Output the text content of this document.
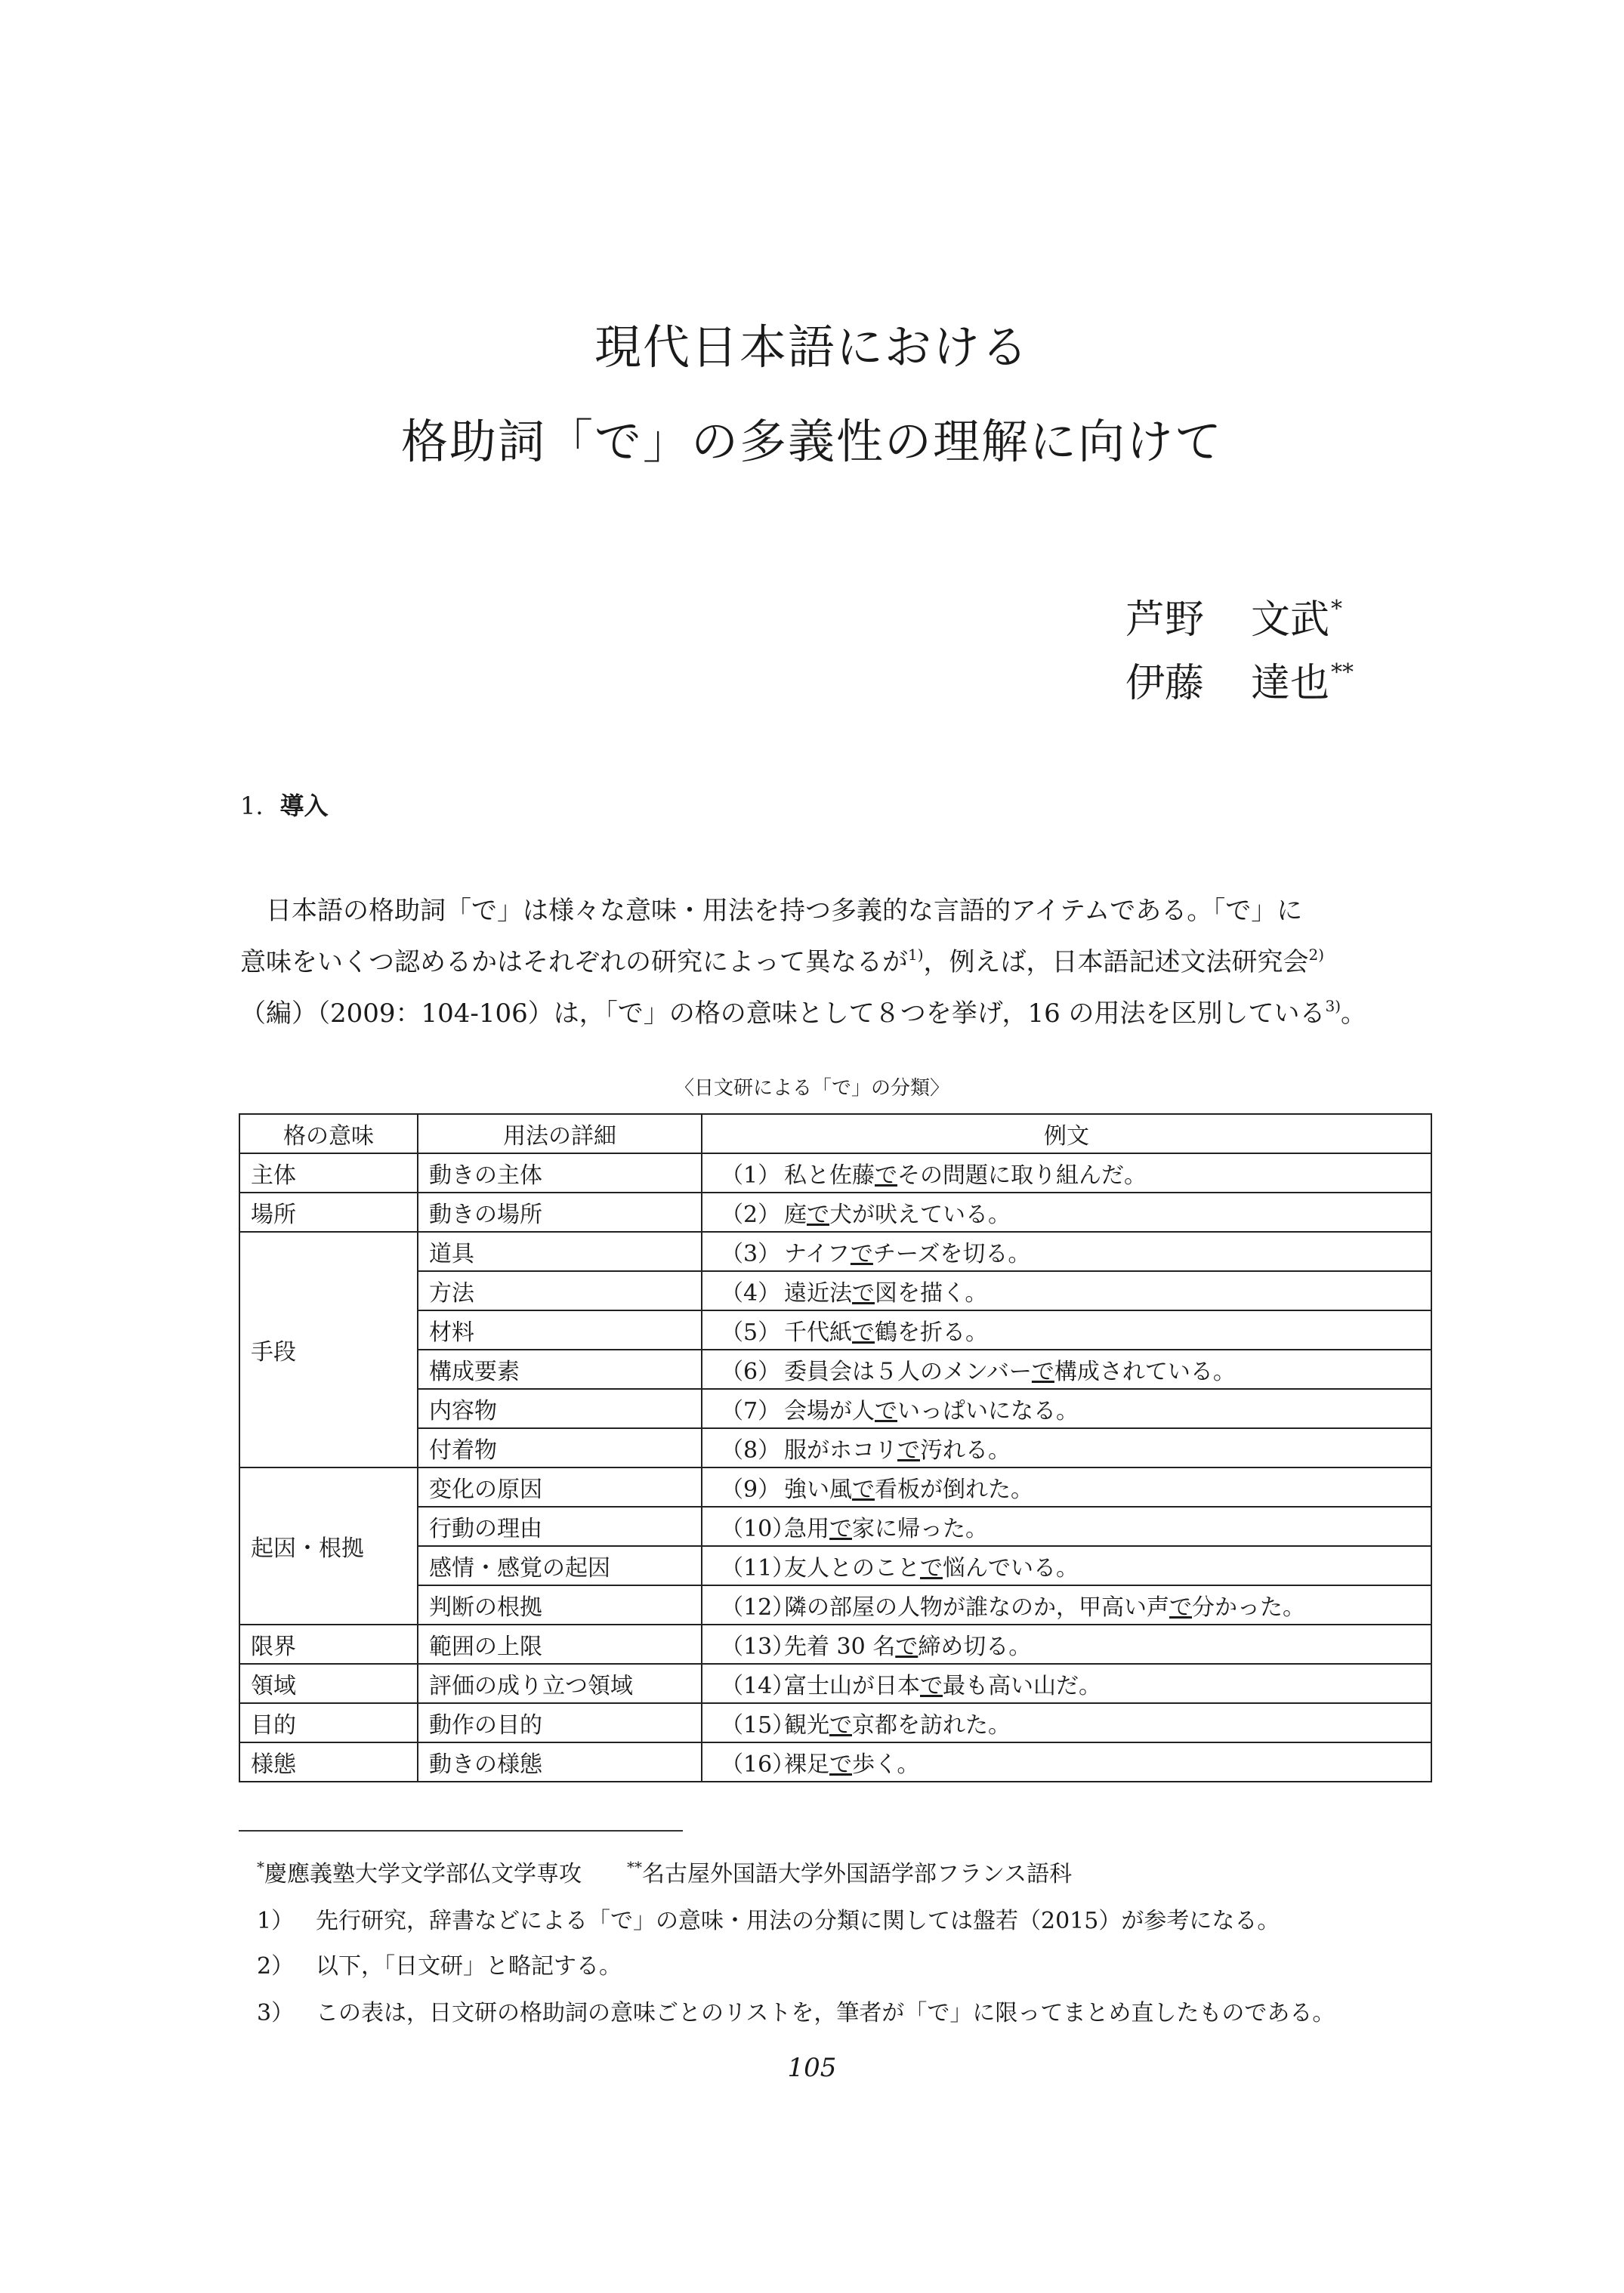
現代日本語における
格助詞「で」の多義性の理解に向けて
芦野 文武*
伊藤 達也**
1. 導入
　日本語の格助詞「で」は様々な意味・用法を持つ多義的な言語的アイテムである。「で」に
意味をいくつ認めるかはそれぞれの研究によって異なるが$^{1)}$，例えば，日本語記述文法研究会$^{2)}$
（編）（2009：104-106）は，「で」の格の意味として８つを挙げ，16 の用法を区別している$^{3)}$。
〈日文研による「で」の分類〉
格の意味	用法の詳細	例文
主体	動きの主体	（1） 私と佐藤でその問題に取り組んだ。
場所	動きの場所	（2） 庭で犬が吠えている。
手段	道具	（3） ナイフでチーズを切る。
	方法	（4） 遠近法で図を描く。
	材料	（5） 千代紙で鶴を折る。
	構成要素	（6） 委員会は５人のメンバーで構成されている。
	内容物	（7） 会場が人でいっぱいになる。
	付着物	（8） 服がホコリで汚れる。
起因・根拠	変化の原因	（9） 強い風で看板が倒れた。
	行動の理由	（10）急用で家に帰った。
	感情・感覚の起因	（11）友人とのことで悩んでいる。
	判断の根拠	（12）隣の部屋の人物が誰なのか，甲高い声で分かった。
限界	範囲の上限	（13）先着 30 名で締め切る。
領域	評価の成り立つ領域	（14）富士山が日本で最も高い山だ。
目的	動作の目的	（15）観光で京都を訪れた。
様態	動きの様態	（16）裸足で歩く。
*慶應義塾大学文学部仏文学専攻　　	**名古屋外国語大学外国語学部フランス語科
1） 先行研究，辞書などによる「で」の意味・用法の分類に関しては盤若（2015）が参考になる。
2） 以下，「日文研」と略記する。
3） この表は，日文研の格助詞の意味ごとのリストを，筆者が「で」に限ってまとめ直したものである。
105
